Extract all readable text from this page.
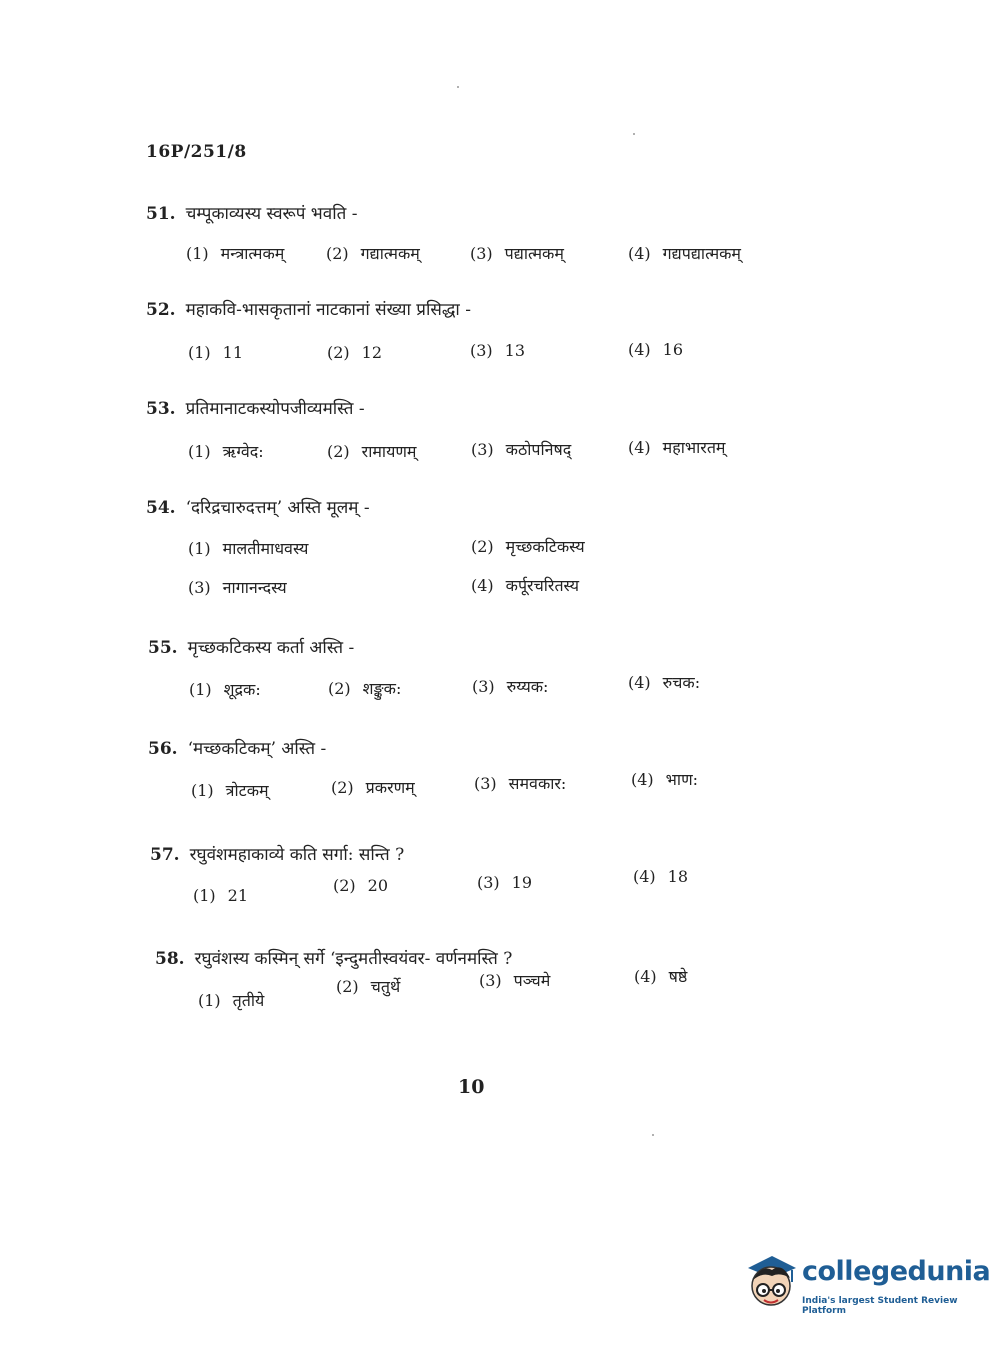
16P/251/8
51. चम्पूकाव्यस्य स्वरूपं भवति -
(1) मन्त्रात्मकम्	(2) गद्यात्मकम्	(3) पद्यात्मकम्	(4) गद्यपद्यात्मकम्
52. महाकवि-भासकृतानां नाटकानां संख्या प्रसिद्धा -
(1) 11	(2) 12	(3) 13	(4) 16
53. प्रतिमानाटकस्योपजीव्यमस्ति -
(1) ऋग्वेद:	(2) रामायणम्	(3) कठोपनिषद्	(4) महाभारतम्
54. ‘दरिद्रचारुदत्तम्’ अस्ति मूलम् -
(1) मालतीमाधवस्य	(2) मृच्छकटिकस्य
(3) नागानन्दस्य	(4) कर्पूरचरितस्य
55. मृच्छकटिकस्य कर्ता अस्ति -
(1) शूद्रक:	(2) शङ्कुक:	(3) रुय्यक:	(4) रुचक:
56. ‘मच्छकटिकम्’ अस्ति -
(1) त्रोटकम्	(2) प्रकरणम्	(3) समवकार:	(4) भाण:
57. रघुवंशमहाकाव्ये कति सर्गा: सन्ति ?
(1) 21
(2) 20	(3) 19	(4) 18
58. रघुवंशस्य कस्मिन् सर्गे ‘इन्दुमतीस्वयंवर- वर्णनमस्ति ?
(1) तृतीये
(2) चतुर्थे	(3) पञ्चमे	(4) षष्ठे
10
collegedunia
India's largest Student Review Platform
